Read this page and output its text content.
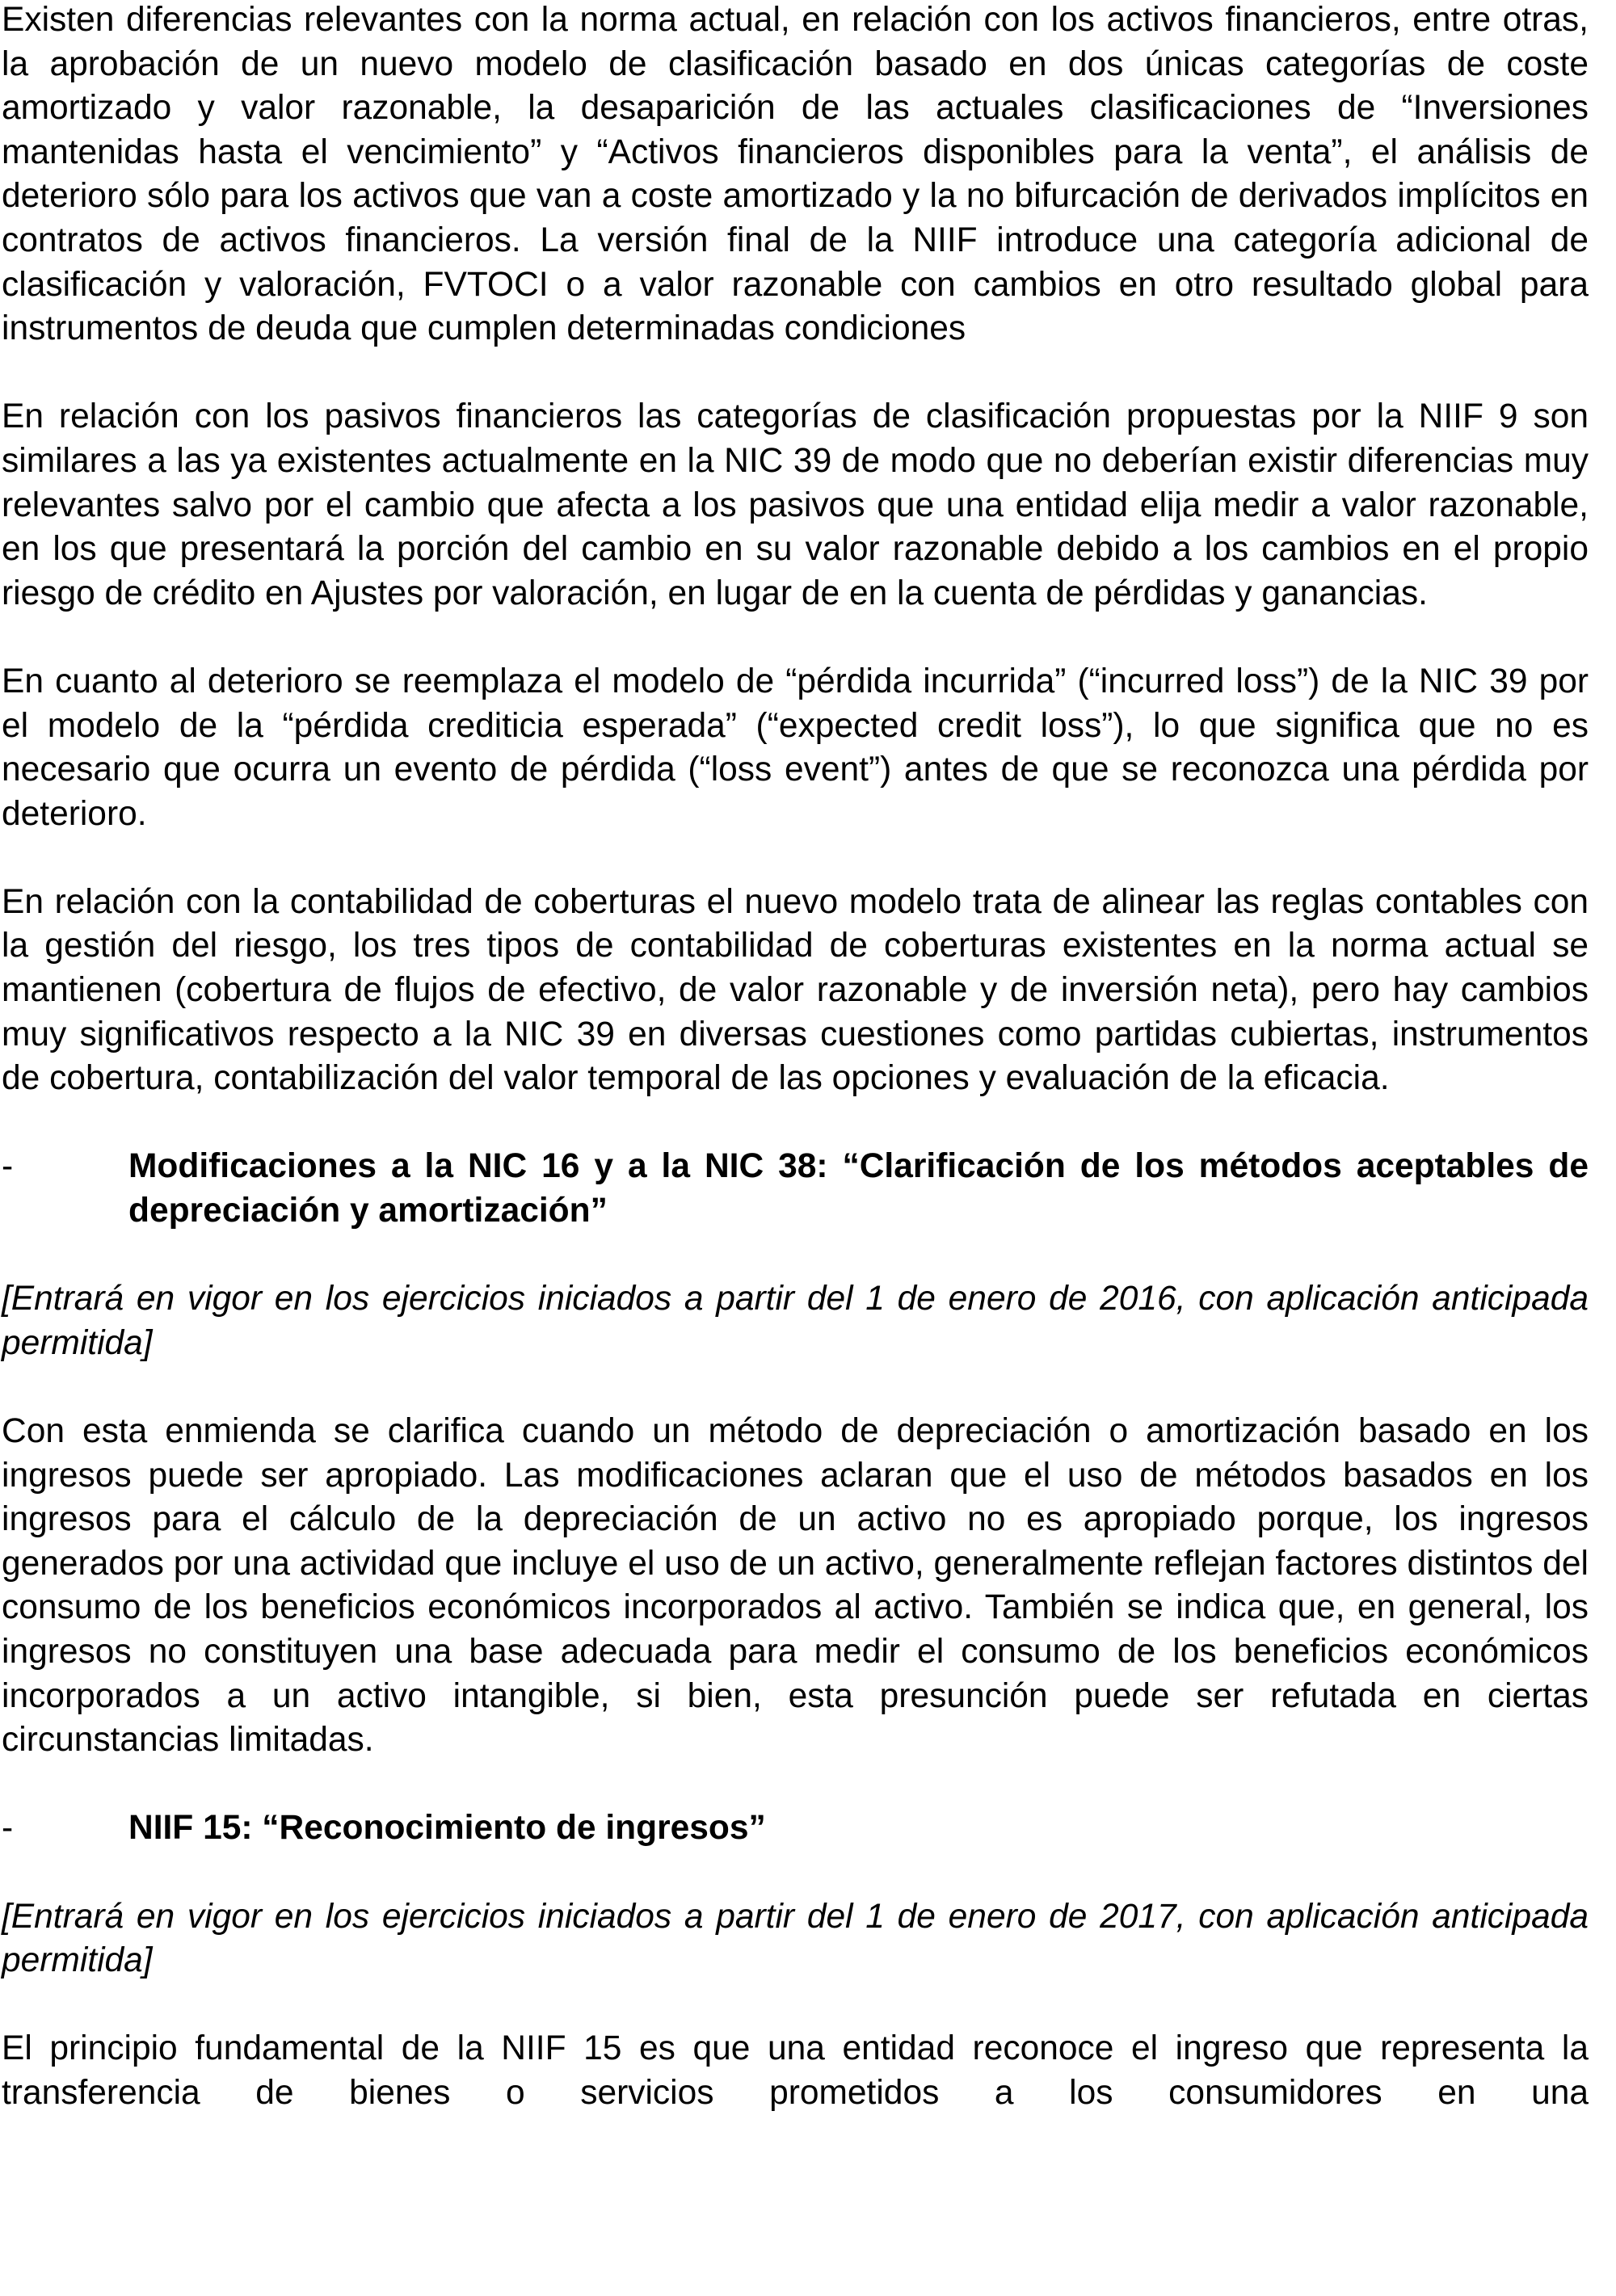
Existen diferencias relevantes con la norma actual, en relación con los activos financieros, entre otras, la aprobación de un nuevo modelo de clasificación basado en dos únicas categorías de coste amortizado y valor razonable, la desaparición de las actuales clasificaciones de “Inversiones mantenidas hasta el vencimiento” y “Activos financieros disponibles para la venta”, el análisis de deterioro sólo para los activos que van a coste amortizado y la no bifurcación de derivados implícitos en contratos de activos financieros. La versión final de la NIIF introduce una categoría adicional de clasificación y valoración, FVTOCI o a valor razonable con cambios en otro resultado global para instrumentos de deuda que cumplen determinadas condiciones

En relación con los pasivos financieros las categorías de clasificación propuestas por la NIIF 9 son similares a las ya existentes actualmente en la NIC 39 de modo que no deberían existir diferencias muy relevantes salvo por el cambio que afecta a los pasivos que una entidad elija medir a valor razonable, en los que presentará la porción del cambio en su valor razonable debido a los cambios en el propio riesgo de crédito en Ajustes por valoración, en lugar de en la cuenta de pérdidas y ganancias.

En cuanto al deterioro se reemplaza el modelo de “pérdida incurrida” (“incurred loss”) de la NIC 39 por el modelo de la “pérdida crediticia esperada” (“expected credit loss”), lo que significa que no es necesario que ocurra un evento de pérdida (“loss event”) antes de que se reconozca una pérdida por deterioro.

En relación con la contabilidad de coberturas el nuevo modelo trata de alinear las reglas contables con la gestión del riesgo, los tres tipos de contabilidad de coberturas existentes en la norma actual se mantienen (cobertura de flujos de efectivo, de valor razonable y de inversión neta), pero hay cambios muy significativos respecto a la NIC 39 en diversas cuestiones como partidas cubiertas, instrumentos de cobertura, contabilización del valor temporal de las opciones y evaluación de la eficacia.

-	Modificaciones a la NIC 16 y a la NIC 38: “Clarificación de los métodos aceptables de depreciación y amortización”

[Entrará en vigor en los ejercicios iniciados a partir del 1 de enero de 2016, con aplicación anticipada permitida]

Con esta enmienda se clarifica cuando un método de depreciación o amortización basado en los ingresos puede ser apropiado. Las modificaciones aclaran que el uso de métodos basados en los ingresos para el cálculo de la depreciación de un activo no es apropiado porque, los ingresos generados por una actividad que incluye el uso de un activo, generalmente reflejan factores distintos del consumo de los beneficios económicos incorporados al activo. También se indica que, en general, los ingresos no constituyen una base adecuada para medir el consumo de los beneficios económicos incorporados a un activo intangible, si bien, esta presunción puede ser refutada en ciertas circunstancias limitadas.

-	NIIF 15: “Reconocimiento de ingresos”

[Entrará en vigor en los ejercicios iniciados a partir del 1 de enero de 2017, con aplicación anticipada permitida]

El principio fundamental de la NIIF 15 es que una entidad reconoce el ingreso que representa la transferencia de bienes o servicios prometidos a los consumidores en una
